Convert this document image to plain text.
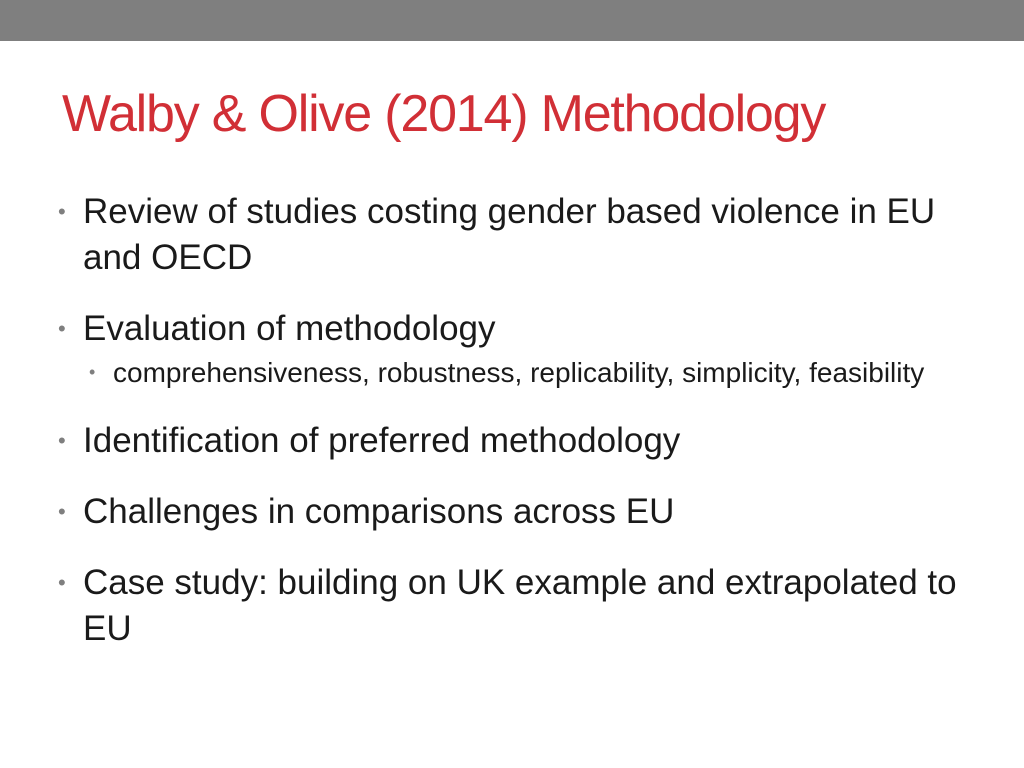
Walby & Olive (2014) Methodology
• Review of studies costing gender based violence in EU and OECD
• Evaluation of methodology
• comprehensiveness, robustness, replicability, simplicity, feasibility
• Identification of preferred methodology
• Challenges in comparisons across EU
• Case study: building on UK example and extrapolated to EU
